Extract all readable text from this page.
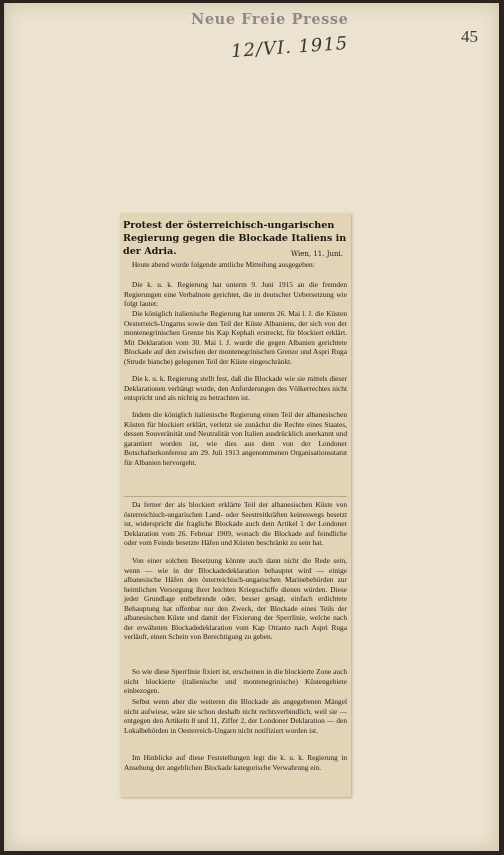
Neue Freie Presse
45
12/VI. 1915
Protest der österreichisch-ungarischen Regierung gegen die Blockade Italiens in der Adria.	Wien, 11. Juni.

Heute abend wurde folgende amtliche Mitteilung ausgegeben:

Die k. u. k. Regierung hat unterm 9. Juni 1915 an die fremden Regierungen eine Verbalnote gerichtet, die in deutscher Uebersetzung wie folgt lautet:

Die königlich italienische Regierung hat unterm 26. Mai l. J. die Küsten Oesterreich-Ungarns sowie den Teil der Küste Albaniens, der sich von der montenegrinischen Grenze bis Kap Kephali erstreckt, für blockiert erklärt. Mit Deklaration vom 30. Mai l. J. wurde die gegen Albanien gerichtete Blockade auf den zwischen der montenegrinischen Grenze und Aspri Ruga (Strude bianche) gelegenen Teil der Küste eingeschränkt.

Die k. u. k. Regierung stellt fest, daß die Blockade wie sie mittels dieser Deklarationen verhängt wurde, den Anforderungen des Völkerrechtes nicht entspricht und als nichtig zu betrachten ist.

Indem die königlich italienische Regierung einen Teil der albanesischen Küsten für blockiert erklärt, verletzt sie zunächst die Rechte eines Staates, dessen Souveränität und Neutralität von Italien ausdrücklich anerkannt und garantiert worden ist, wie dies aus dem von der Londoner Botschafterkonferenz am 29. Juli 1913 angenommenen Organisationsstatut für Albanien hervorgeht.

Da ferner der als blockiert erklärte Teil der albanesischen Küste von österreichisch-ungarischen Land- oder Seestreitkräften keineswegs besetzt ist, widerspricht die fragliche Blockade auch dem Artikel 1 der Londoner Deklaration vom 26. Februar 1909, wonach die Blockade auf feindliche oder vom Feinde besetzte Häfen und Küsten beschränkt zu sein hat.

Von einer solchen Besetzung könnte auch dann nicht die Rede sein, wenn — wie in der Blockadedeklaration behauptet wird — einige albanesische Häfen den österreichisch-ungarischen Marinebehörden zur heimlichen Versorgung ihrer leichten Kriegsschiffe dienen würden. Diese jeder Grundlage entbehrende oder, besser gesagt, einfach erdichtete Behauptung hat offenbar nur den Zweck, der Blockade eines Teils der albanesischen Küste und damit der Fixierung der Sperrlinie, welche nach der erwähnten Blockadedeklaration vom Kap Otranto nach Aspri Ruga verläuft, einen Schein von Berechtigung zu geben.

So wie diese Sperrlinie fixiert ist, erscheinen in die blockierte Zone auch nicht blockierte (italienische und montenegrinische) Küstengebiete einbezogen.

Selbst wenn aber die weiteren die Blockade als angegebenen Mängel nicht aufwiese, wäre sie schon deshalb nicht rechtsverbindlich, weil sie — entgegen den Artikeln 8 und 11, Ziffer 2, der Londoner Deklaration — den Lokalbehörden in Oesterreich-Ungarn nicht notifiziert worden ist.

Im Hinblicke auf diese Feststellungen legt die k. u. k. Regierung in Ansehung der angeblichen Blockade kategorische Verwahrung ein.
